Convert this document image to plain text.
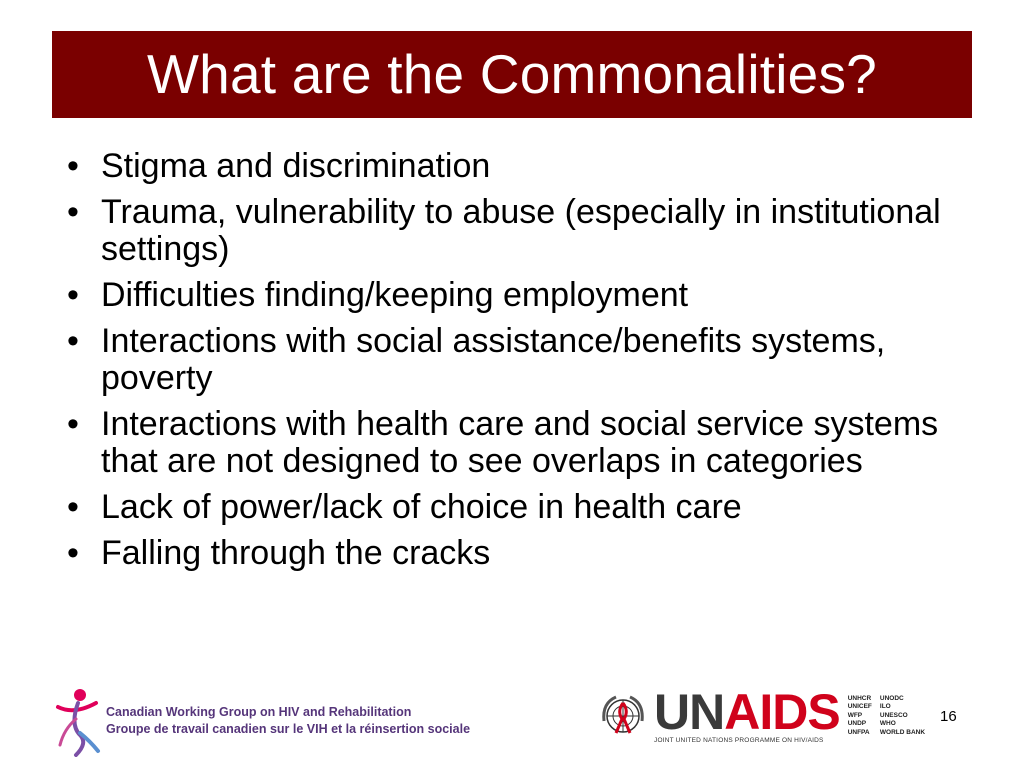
What are the Commonalities?
• Stigma and discrimination
• Trauma, vulnerability to abuse (especially in institutional settings)
• Difficulties finding/keeping employment
• Interactions with social assistance/benefits systems, poverty
• Interactions with health care and social service systems that are not designed to see overlaps in categories
• Lack of power/lack of choice in health care
• Falling through the cracks
Canadian Working Group on HIV and Rehabilitation
Groupe de travail canadien sur le VIH et la réinsertion sociale	UNAIDS
JOINT UNITED NATIONS PROGRAMME ON HIV/AIDS
UNHCR
UNICEF
WFP
UNDP
UNFPA
UNODC
ILO
UNESCO
WHO
WORLD BANK
16
